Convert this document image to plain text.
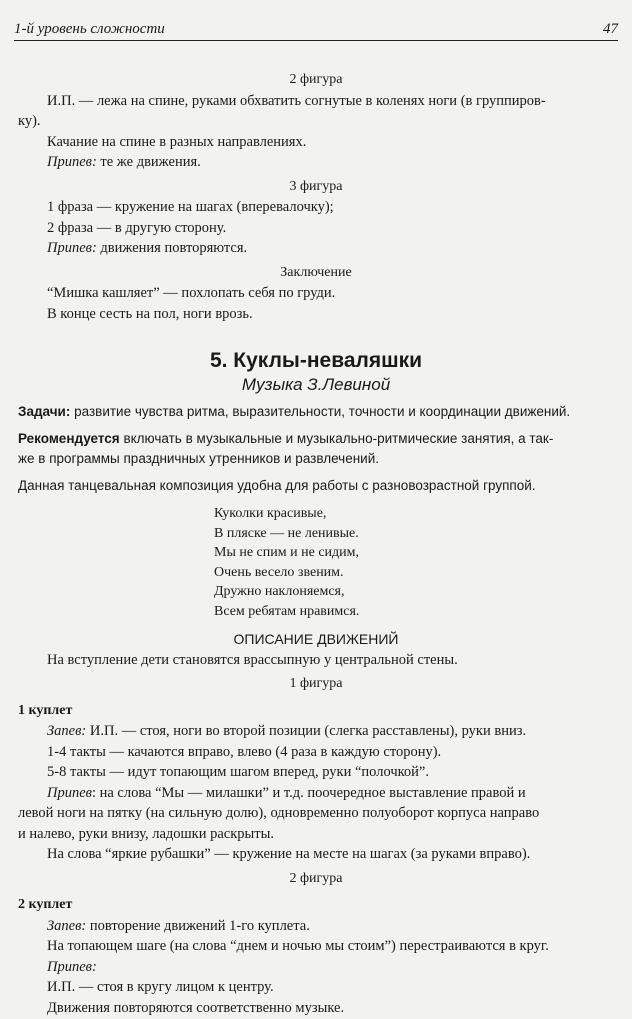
1-й уровень сложности	47

2 фигура

И.П. — лежа на спине, руками обхватить согнутые в коленях ноги (в группиров-

ку).

Качание на спине в разных направлениях.

Припев: те же движения.

3 фигура

1 фраза — кружение на шагах (вперевалочку);

2 фраза — в другую сторону.

Припев: движения повторяются.

Заключение

“Мишка кашляет” — похлопать себя по груди.

В конце сесть на пол, ноги врозь.

5. Куклы-неваляшки
Музыка З.Левиной

Задачи: развитие чувства ритма, выразительности, точности и координации движений.

Рекомендуется включать в музыкальные и музыкально-ритмические занятия, а так-

же в программы праздничных утренников и развлечений.

Данная танцевальная композиция удобна для работы с разновозрастной группой.

Куколки красивые,

В пляске — не ленивые.

Мы не спим и не сидим,

Очень весело звеним.

Дружно наклоняемся,

Всем ребятам нравимся.

ОПИСАНИЕ ДВИЖЕНИЙ

На вступление дети становятся врассыпную у центральной стены.

1 фигура

1 куплет

Запев: И.П. — стоя, ноги во второй позиции (слегка расставлены), руки вниз.

1-4 такты — качаются вправо, влево (4 раза в каждую сторону).

5-8 такты — идут топающим шагом вперед, руки “полочкой”.

Припев: на слова “Мы — милашки” и т.д. поочередное выставление правой и

левой ноги на пятку (на сильную долю), одновременно полуоборот корпуса направо

и налево, руки внизу, ладошки раскрыты.

На слова “яркие рубашки” — кружение на месте на шагах (за руками вправо).

2 фигура

2 куплет

Запев: повторение движений 1-го куплета.

На топающем шаге (на слова “днем и ночью мы стоим”) перестраиваются в круг.

Припев:

И.П. — стоя в кругу лицом к центру.

Движения повторяются соответственно музыке.
